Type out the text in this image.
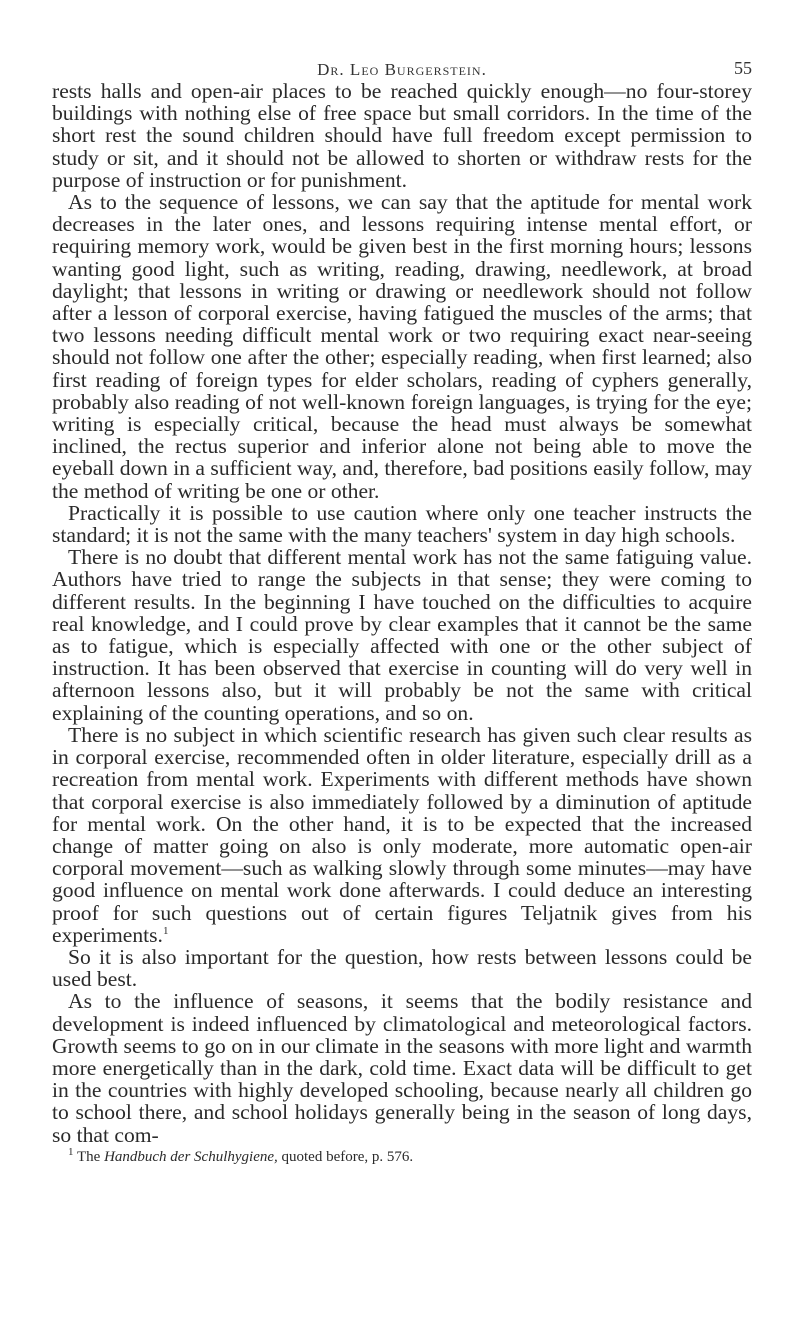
Dr. Leo Burgerstein.	55

rests halls and open-air places to be reached quickly enough—no four-storey buildings with nothing else of free space but small corridors. In the time of the short rest the sound children should have full freedom except permission to study or sit, and it should not be allowed to shorten or withdraw rests for the purpose of instruction or for punishment.

As to the sequence of lessons, we can say that the aptitude for mental work decreases in the later ones, and lessons requiring intense mental effort, or requiring memory work, would be given best in the first morning hours; lessons wanting good light, such as writing, reading, drawing, needlework, at broad daylight; that lessons in writing or drawing or needlework should not follow after a lesson of corporal exercise, having fatigued the muscles of the arms; that two lessons needing difficult mental work or two requiring exact near-seeing should not follow one after the other; especially reading, when first learned; also first reading of foreign types for elder scholars, reading of cyphers generally, probably also reading of not well-known foreign languages, is trying for the eye; writing is especially critical, because the head must always be somewhat inclined, the rectus superior and inferior alone not being able to move the eyeball down in a sufficient way, and, therefore, bad positions easily follow, may the method of writing be one or other.

Practically it is possible to use caution where only one teacher instructs the standard; it is not the same with the many teachers' system in day high schools.

There is no doubt that different mental work has not the same fatiguing value. Authors have tried to range the subjects in that sense; they were coming to different results. In the beginning I have touched on the difficulties to acquire real knowledge, and I could prove by clear examples that it cannot be the same as to fatigue, which is especially affected with one or the other subject of instruction. It has been observed that exercise in counting will do very well in afternoon lessons also, but it will probably be not the same with critical explaining of the counting operations, and so on.

There is no subject in which scientific research has given such clear results as in corporal exercise, recommended often in older literature, especially drill as a recreation from mental work. Experiments with different methods have shown that corporal exercise is also immediately followed by a diminution of aptitude for mental work. On the other hand, it is to be expected that the increased change of matter going on also is only moderate, more automatic open-air corporal movement—such as walking slowly through some minutes—may have good influence on mental work done afterwards. I could deduce an interesting proof for such questions out of certain figures Teljatnik gives from his experiments.$^1$

So it is also important for the question, how rests between lessons could be used best.

As to the influence of seasons, it seems that the bodily resistance and development is indeed influenced by climatological and meteorological factors. Growth seems to go on in our climate in the seasons with more light and warmth more energetically than in the dark, cold time. Exact data will be difficult to get in the countries with highly developed schooling, because nearly all children go to school there, and school holidays generally being in the season of long days, so that com-

$^1$ The Handbuch der Schulhygiene, quoted before, p. 576.
